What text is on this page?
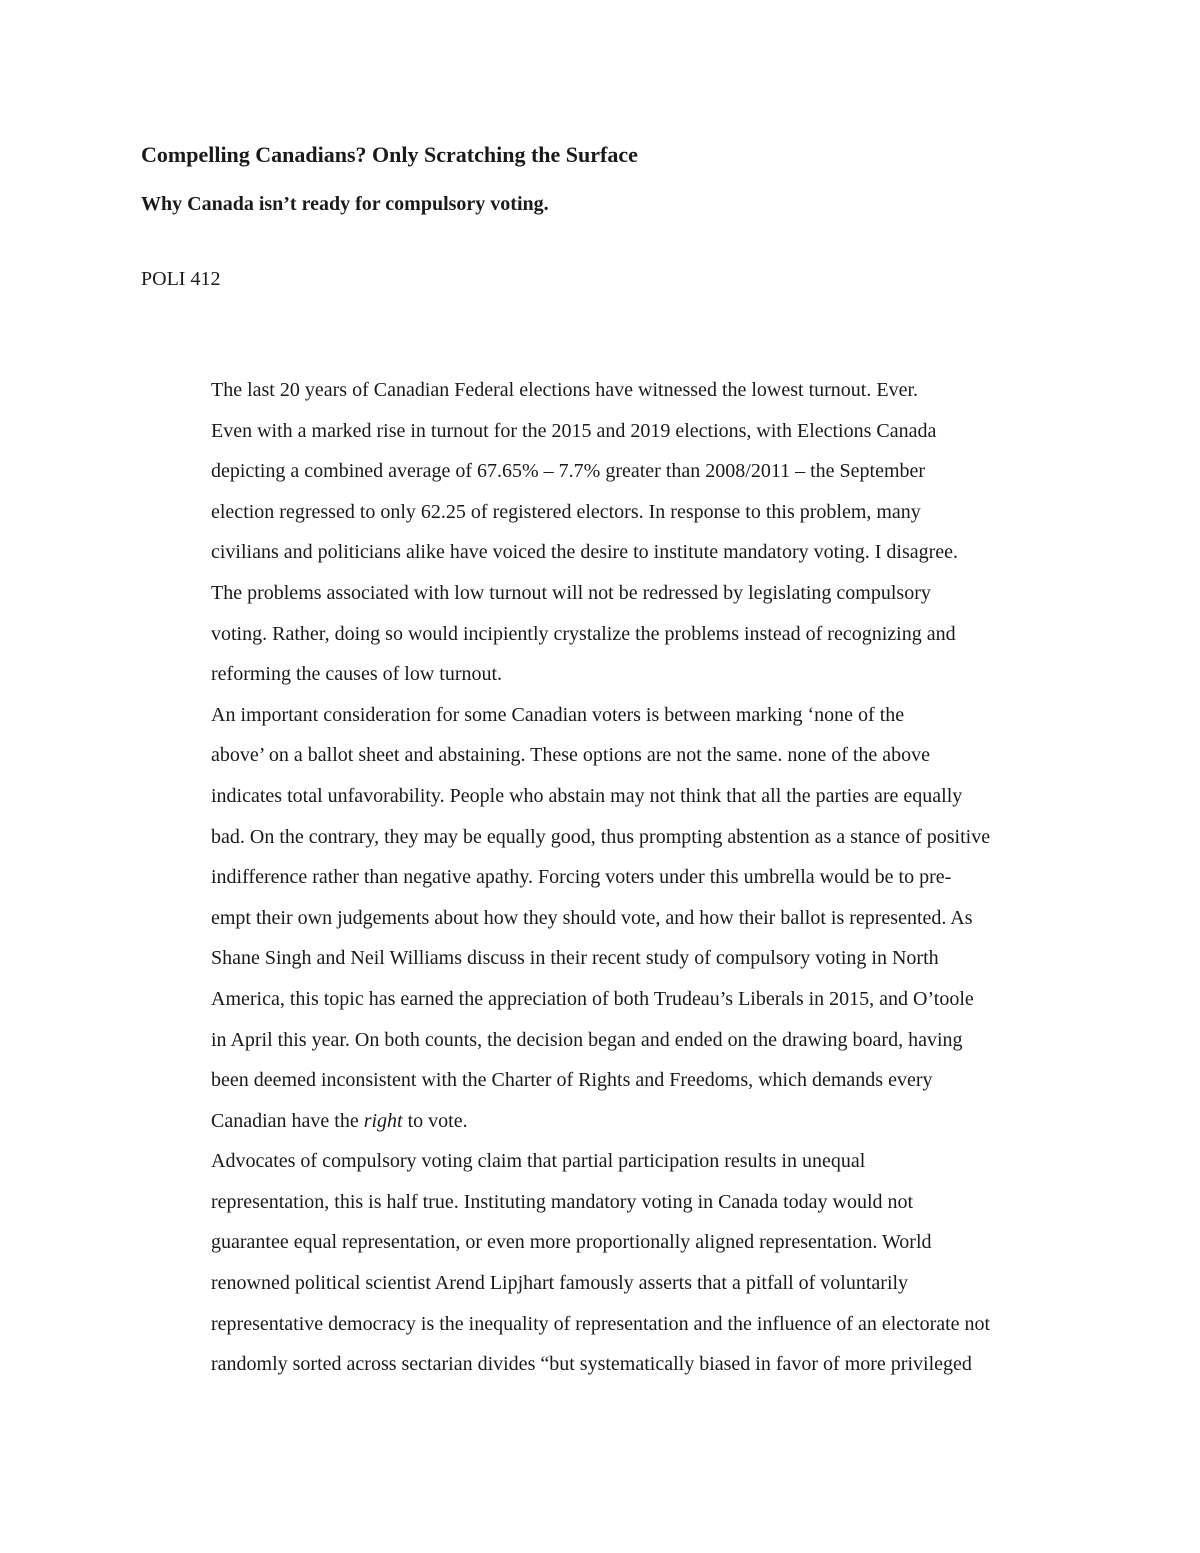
Compelling Canadians? Only Scratching the Surface
Why Canada isn’t ready for compulsory voting.
POLI 412

The last 20 years of Canadian Federal elections have witnessed the lowest turnout. Ever.
Even with a marked rise in turnout for the 2015 and 2019 elections, with Elections Canada
depicting a combined average of 67.65% – 7.7% greater than 2008/2011 – the September
election regressed to only 62.25 of registered electors. In response to this problem, many
civilians and politicians alike have voiced the desire to institute mandatory voting. I disagree.
The problems associated with low turnout will not be redressed by legislating compulsory
voting. Rather, doing so would incipiently crystalize the problems instead of recognizing and
reforming the causes of low turnout.

An important consideration for some Canadian voters is between marking ‘none of the
above’ on a ballot sheet and abstaining. These options are not the same. none of the above
indicates total unfavorability. People who abstain may not think that all the parties are equally
bad. On the contrary, they may be equally good, thus prompting abstention as a stance of positive
indifference rather than negative apathy. Forcing voters under this umbrella would be to pre-
empt their own judgements about how they should vote, and how their ballot is represented. As
Shane Singh and Neil Williams discuss in their recent study of compulsory voting in North
America, this topic has earned the appreciation of both Trudeau’s Liberals in 2015, and O’toole
in April this year. On both counts, the decision began and ended on the drawing board, having
been deemed inconsistent with the Charter of Rights and Freedoms, which demands every
Canadian have the right to vote.

Advocates of compulsory voting claim that partial participation results in unequal
representation, this is half true. Instituting mandatory voting in Canada today would not
guarantee equal representation, or even more proportionally aligned representation. World
renowned political scientist Arend Lipjhart famously asserts that a pitfall of voluntarily
representative democracy is the inequality of representation and the influence of an electorate not
randomly sorted across sectarian divides “but systematically biased in favor of more privileged
